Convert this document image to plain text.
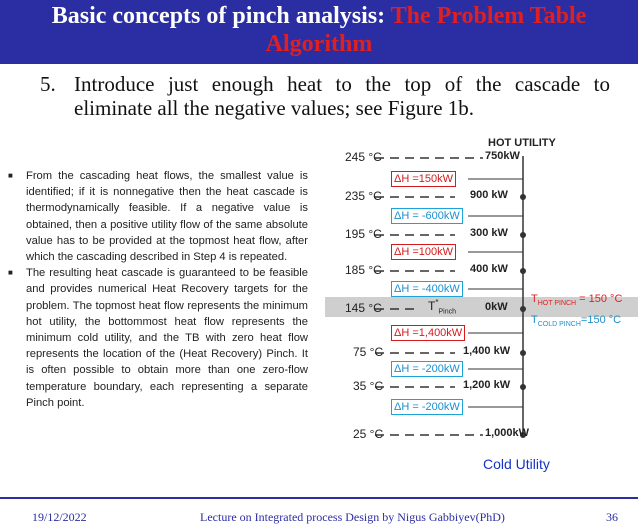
Basic concepts of pinch analysis: The Problem Table
Algorithm
5. Introduce just enough heat to the top of the cascade to eliminate all the negative values; see Figure 1b.
■ From the cascading heat flows, the smallest value is identified; if it is nonnegative then the heat cascade is thermodynamically feasible. If a negative value is obtained, then a positive utility flow of the same absolute value has to be provided at the topmost heat flow, after which the cascading described in Step 4 is repeated.
■ The resulting heat cascade is guaranteed to be feasible and provides numerical Heat Recovery targets for the problem. The topmost heat flow represents the minimum hot utility, the bottommost heat flow represents the minimum cold utility, and the TB with zero heat flow represents the location of the (Heat Recovery) Pinch. It is often possible to obtain more than one zero-flow temperature boundary, each representing a separate Pinch point.
HOT UTILITY
245 °C
235 °C
195 °C
185 °C
145 °C
75 °C
35 °C
25 °C
750kW
900 kW
300 kW
400 kW
0kW
1,400 kW
1,200 kW
1,000kW
ΔH =150kW
ΔH = -600kW
ΔH =100kW
ΔH = -400kW
ΔH =1,400kW
ΔH = -200kW
ΔH = -200kW
$T^*_{Pinch}$
$T_{HOT PINCH} = 150$ °C
$T_{COLD PINCH}=150$ °C
Cold Utility
19/12/2022	Lecture on Integrated process Design by Nigus Gabbiyev(PhD)	36
